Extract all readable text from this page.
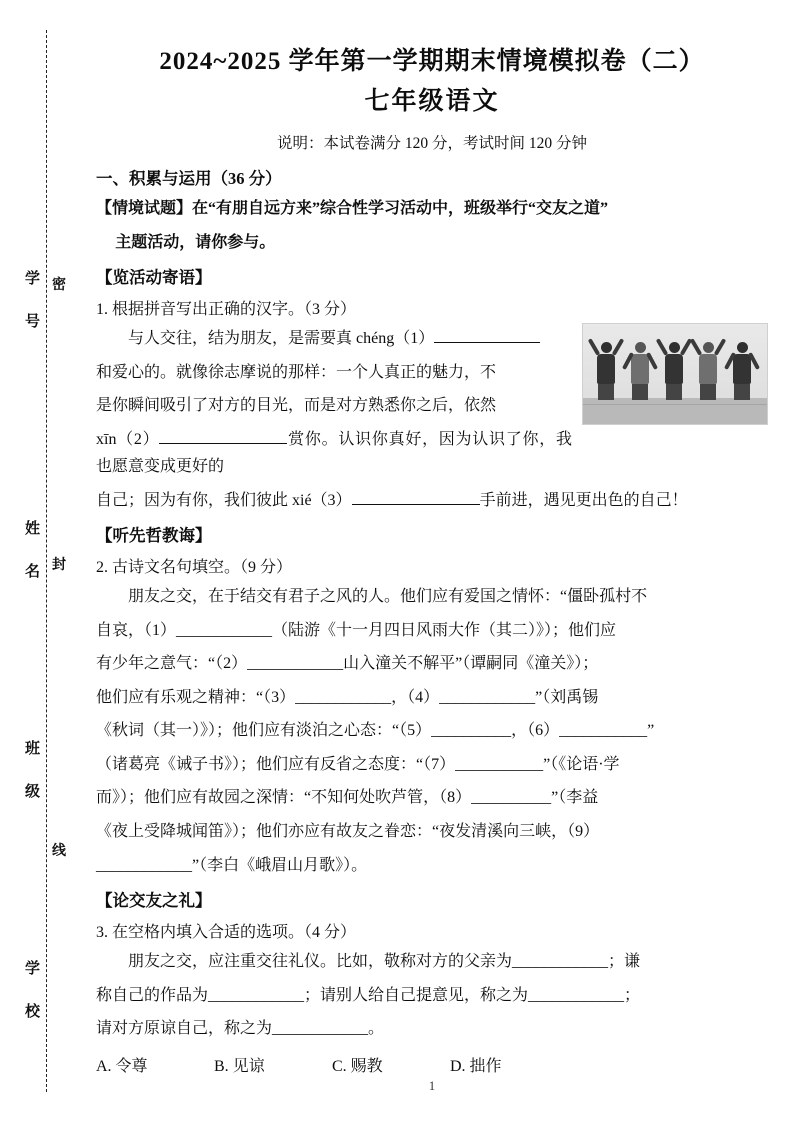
学 号
姓 名
班 级
学 校
密
封
线
2024~2025 学年第一学期期末情境模拟卷（二）
七年级语文
说明：本试卷满分 120 分，考试时间 120 分钟
一、积累与运用（36 分）
【情境试题】在“有朋自远方来”综合性学习活动中，班级举行“交友之道”
主题活动，请你参与。
【览活动寄语】
1. 根据拼音写出正确的汉字。（3 分）
与人交往，结为朋友，是需要真 chéng（1）
和爱心的。就像徐志摩说的那样：一个人真正的魅力，不
是你瞬间吸引了对方的目光，而是对方熟悉你之后，依然
xīn（2）	赏你。认识你真好，因为认识了你，我也愿意变成更好的
自己；因为有你，我们彼此 xié（3）	手前进，遇见更出色的自己！
【听先哲教诲】
2. 古诗文名句填空。（9 分）
朋友之交，在于结交有君子之风的人。他们应有爱国之情怀：“僵卧孤村不
自哀，（1）____________（陆游《十一月四日风雨大作（其二）》）；他们应
有少年之意气：“（2）____________山入潼关不解平”（谭嗣同《潼关》）；
他们应有乐观之精神：“（3）____________，（4）____________”（刘禹锡
《秋词（其一）》）；他们应有淡泊之心态：“（5）__________，（6）___________”
（诸葛亮《诫子书》）；他们应有反省之态度：“（7）___________”（《论语·学
而》）；他们应有故园之深情：“不知何处吹芦管，（8）__________”（李益
《夜上受降城闻笛》）；他们亦应有故友之眷恋：“夜发清溪向三峡，（9）
____________”（李白《峨眉山月歌》）。
【论交友之礼】
3. 在空格内填入合适的选项。（4 分）
朋友之交，应注重交往礼仪。比如，敬称对方的父亲为____________；谦
称自己的作品为____________；请别人给自己提意见，称之为____________；
请对方原谅自己，称之为____________。
A. 令尊	B. 见谅	C. 赐教	D. 拙作
1
